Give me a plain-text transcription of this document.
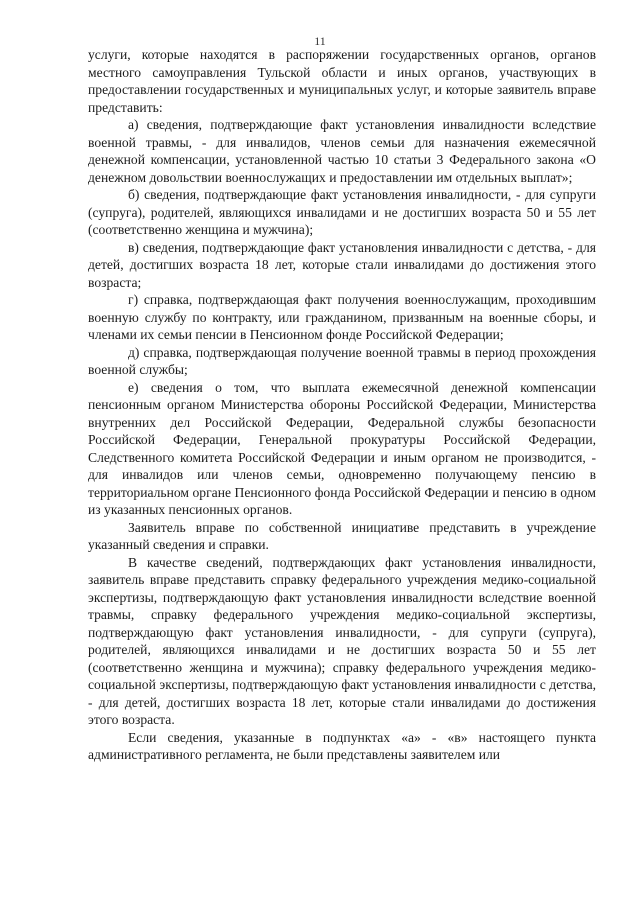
11

услуги, которые находятся в распоряжении государственных органов, органов местного самоуправления Тульской области и иных органов, участвующих в предоставлении государственных и муниципальных услуг, и которые заявитель вправе представить:

а) сведения, подтверждающие факт установления инвалидности вследствие военной травмы, - для инвалидов, членов семьи для назначения ежемесячной денежной компенсации, установленной частью 10 статьи 3 Федерального закона «О денежном довольствии военнослужащих и предоставлении им отдельных выплат»;

б) сведения, подтверждающие факт установления инвалидности, - для супруги (супруга), родителей, являющихся инвалидами и не достигших возраста 50 и 55 лет (соответственно женщина и мужчина);

в) сведения, подтверждающие факт установления инвалидности с детства, - для детей, достигших возраста 18 лет, которые стали инвалидами до достижения этого возраста;

г) справка, подтверждающая факт получения военнослужащим, проходившим военную службу по контракту, или гражданином, призванным на военные сборы, и членами их семьи пенсии в Пенсионном фонде Российской Федерации;

д) справка, подтверждающая получение военной травмы в период прохождения военной службы;

е) сведения о том, что выплата ежемесячной денежной компенсации пенсионным органом Министерства обороны Российской Федерации, Министерства внутренних дел Российской Федерации, Федеральной службы безопасности Российской Федерации, Генеральной прокуратуры Российской Федерации, Следственного комитета Российской Федерации и иным органом не производится, - для инвалидов или членов семьи, одновременно получающему пенсию в территориальном органе Пенсионного фонда Российской Федерации и пенсию в одном из указанных пенсионных органов.

Заявитель вправе по собственной инициативе представить в учреждение указанный сведения и справки.

В качестве сведений, подтверждающих факт установления инвалидности, заявитель вправе представить справку федерального учреждения медико-социальной экспертизы, подтверждающую факт установления инвалидности вследствие военной травмы, справку федерального учреждения медико-социальной экспертизы, подтверждающую факт установления инвалидности, - для супруги (супруга), родителей, являющихся инвалидами и не достигших возраста 50 и 55 лет (соответственно женщина и мужчина); справку федерального учреждения медико-социальной экспертизы, подтверждающую факт установления инвалидности с детства, - для детей, достигших возраста 18 лет, которые стали инвалидами до достижения этого возраста.

Если сведения, указанные в подпунктах «а» - «в» настоящего пункта административного регламента, не были представлены заявителем или
